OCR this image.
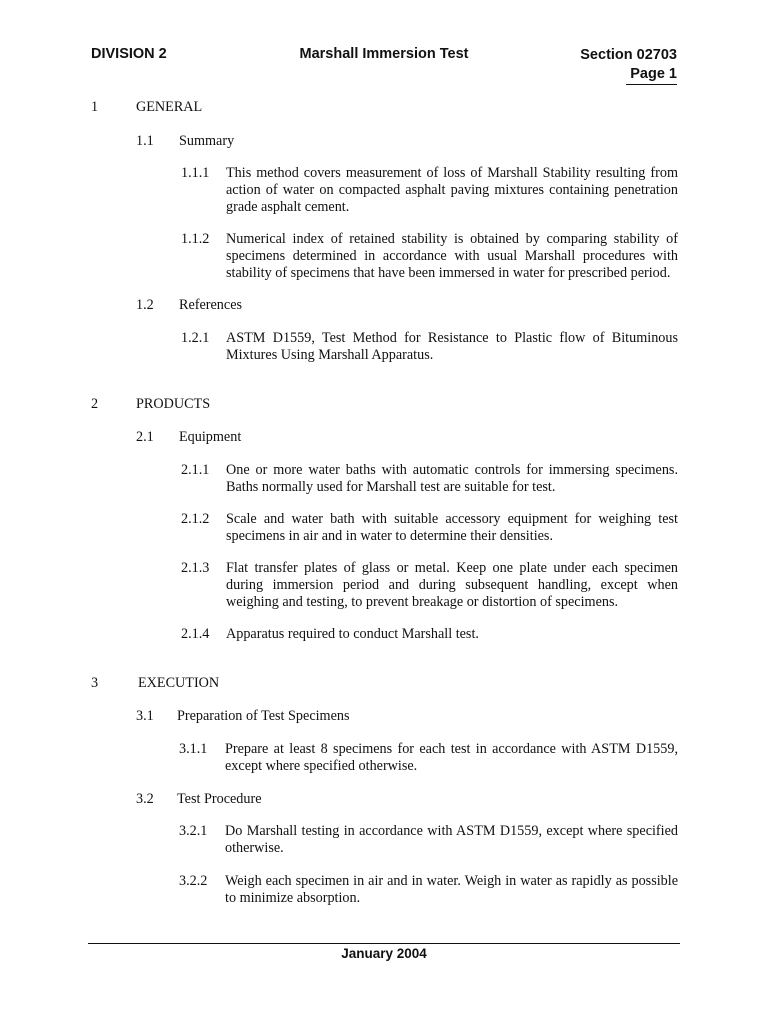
DIVISION 2	Marshall Immersion Test	Section 02703
Page 1
1	GENERAL
1.1 Summary
1.1.1 This method covers measurement of loss of Marshall Stability resulting from action of water on compacted asphalt paving mixtures containing penetration grade asphalt cement.
1.1.2 Numerical index of retained stability is obtained by comparing stability of specimens determined in accordance with usual Marshall procedures with stability of specimens that have been immersed in water for prescribed period.
1.2 References
1.2.1 ASTM D1559, Test Method for Resistance to Plastic flow of Bituminous Mixtures Using Marshall Apparatus.
2	PRODUCTS
2.1 Equipment
2.1.1 One or more water baths with automatic controls for immersing specimens. Baths normally used for Marshall test are suitable for test.
2.1.2 Scale and water bath with suitable accessory equipment for weighing test specimens in air and in water to determine their densities.
2.1.3 Flat transfer plates of glass or metal. Keep one plate under each specimen during immersion period and during subsequent handling, except when weighing and testing, to prevent breakage or distortion of specimens.
2.1.4 Apparatus required to conduct Marshall test.
3	EXECUTION
3.1 Preparation of Test Specimens
3.1.1 Prepare at least 8 specimens for each test in accordance with ASTM D1559, except where specified otherwise.
3.2 Test Procedure
3.2.1 Do Marshall testing in accordance with ASTM D1559, except where specified otherwise.
3.2.2 Weigh each specimen in air and in water. Weigh in water as rapidly as possible to minimize absorption.
January 2004
